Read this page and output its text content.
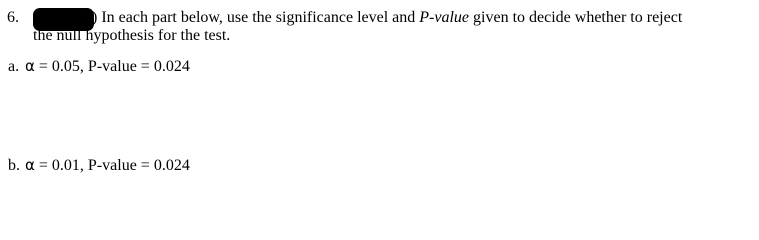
6.	) In each part below, use the significance level and P-value given to decide whether to reject
the null hypothesis for the test.
a. α = 0.05, P-value = 0.024
b. α = 0.01, P-value = 0.024
